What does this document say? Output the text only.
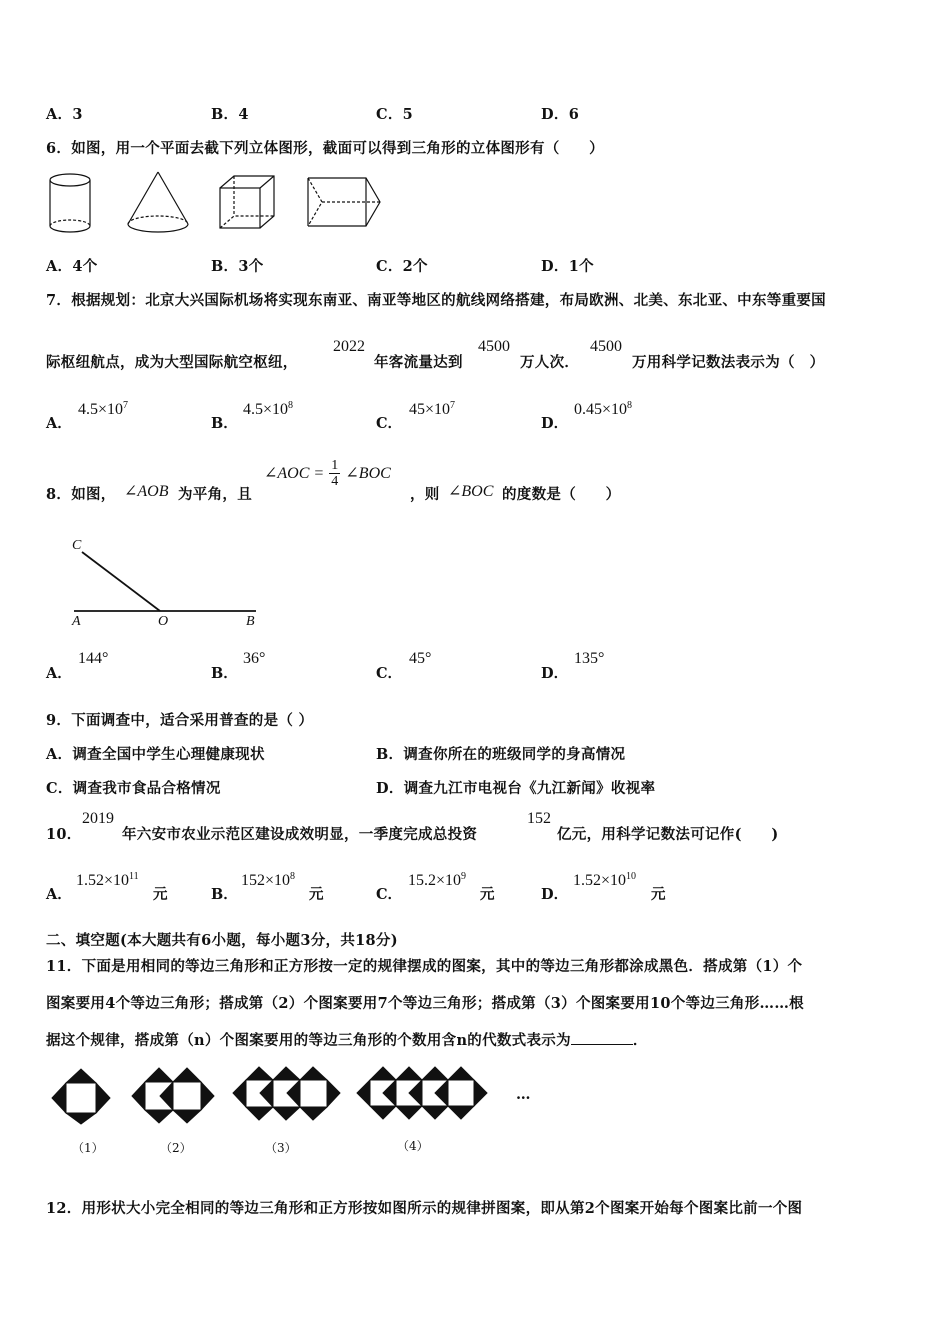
A．3	B．4	C．5	D．6
6．如图，用一个平面去截下列立体图形，截面可以得到三角形的立体图形有（　　）
A．4个	B．3个	C．2个	D．1个
7．根据规划：北京大兴国际机场将实现东南亚、南亚等地区的航线网络搭建，布局欧洲、北美、东北亚、中东等重要国
际枢纽航点，成为大型国际航空枢纽，
2022
年客流量达到
4500
万人次．
4500
万用科学记数法表示为（　）
A．
$4.5\times 10^7$
B．
$4.5\times 10^8$
C．
$45\times 10^7$
D．
$0.45\times 10^8$
8．如图， ∠AOB 为平角，且
∠AOC = $\frac{1}{4}$ ∠BOC
，则 ∠BOC 的度数是（　　）
C
A	O	B
A．
144°
B．
36°
C．
45°
D．
135°
9．下面调查中，适合采用普查的是（ ）
A．调查全国中学生心理健康现状	B．调查你所在的班级同学的身高情况
C．调查我市食品合格情况	D．调查九江市电视台《九江新闻》收视率
10．
2019
年六安市农业示范区建设成效明显，一季度完成总投资
152
亿元，用科学记数法可记作(　　)
A．
$1.52\times 10^{11}$
元	B．
$152\times 10^8$
元	C．
$15.2\times 10^9$
元	D．
$1.52\times 10^{10}$
元
二、填空题(本大题共有6小题，每小题3分，共18分)
11．下面是用相同的等边三角形和正方形按一定的规律摆成的图案，其中的等边三角形都涂成黑色．搭成第（1）个
图案要用4个等边三角形；搭成第（2）个图案要用7个等边三角形；搭成第（3）个图案要用10个等边三角形……根
据这个规律，搭成第（n）个图案要用的等边三角形的个数用含n的代数式表示为	．
…
（1）	（2）	（3）	（4）
12．用形状大小完全相同的等边三角形和正方形按如图所示的规律拼图案，即从第2个图案开始每个图案比前一个图
